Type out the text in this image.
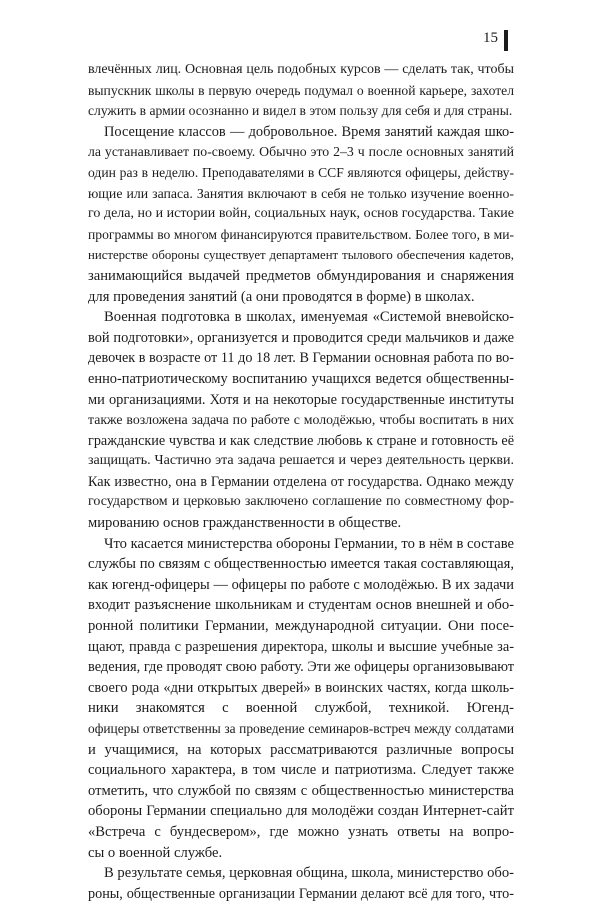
15
влечённых лиц. Основная цель подобных курсов — сделать так, чтобы
выпускник школы в первую очередь подумал о военной карьере, захотел
служить в армии осознанно и видел в этом пользу для себя и для страны.
Посещение классов — добровольное. Время занятий каждая шко-
ла устанавливает по-своему. Обычно это 2–3 ч после основных занятий
один раз в неделю. Преподавателями в CCF являются офицеры, действу-
ющие или запаса. Занятия включают в себя не только изучение военно-
го дела, но и истории войн, социальных наук, основ государства. Такие
программы во многом финансируются правительством. Более того, в ми-
нистерстве обороны существует департамент тылового обеспечения кадетов,
занимающийся выдачей предметов обмундирования и снаряжения
для проведения занятий (а они проводятся в форме) в школах.
Военная подготовка в школах, именуемая «Системой вневойско-
вой подготовки», организуется и проводится среди мальчиков и даже
девочек в возрасте от 11 до 18 лет. В Германии основная работа по во-
енно-патриотическому воспитанию учащихся ведется общественны-
ми организациями. Хотя и на некоторые государственные институты
также возложена задача по работе с молодёжью, чтобы воспитать в них
гражданские чувства и как следствие любовь к стране и готовность её
защищать. Частично эта задача решается и через деятельность церкви.
Как известно, она в Германии отделена от государства. Однако между
государством и церковью заключено соглашение по совместному фор-
мированию основ гражданственности в обществе.
Что касается министерства обороны Германии, то в нём в составе
службы по связям с общественностью имеется такая составляющая,
как югенд-офицеры — офицеры по работе с молодёжью. В их задачи
входит разъяснение школьникам и студентам основ внешней и обо-
ронной политики Германии, международной ситуации. Они посе-
щают, правда с разрешения директора, школы и высшие учебные за-
ведения, где проводят свою работу. Эти же офицеры организовывают
своего рода «дни открытых дверей» в воинских частях, когда школь-
ники знакомятся с военной службой, техникой. Югенд-
офицеры ответственны за проведение семинаров-встреч между солдатами
и учащимися, на которых рассматриваются различные вопросы
социального характера, в том числе и патриотизма. Следует также
отметить, что службой по связям с общественностью министерства
обороны Германии специально для молодёжи создан Интернет-сайт
«Встреча с бундесвером», где можно узнать ответы на вопро-
сы о военной службе.
В результате семья, церковная община, школа, министерство обо-
роны, общественные организации Германии делают всё для того, что-
